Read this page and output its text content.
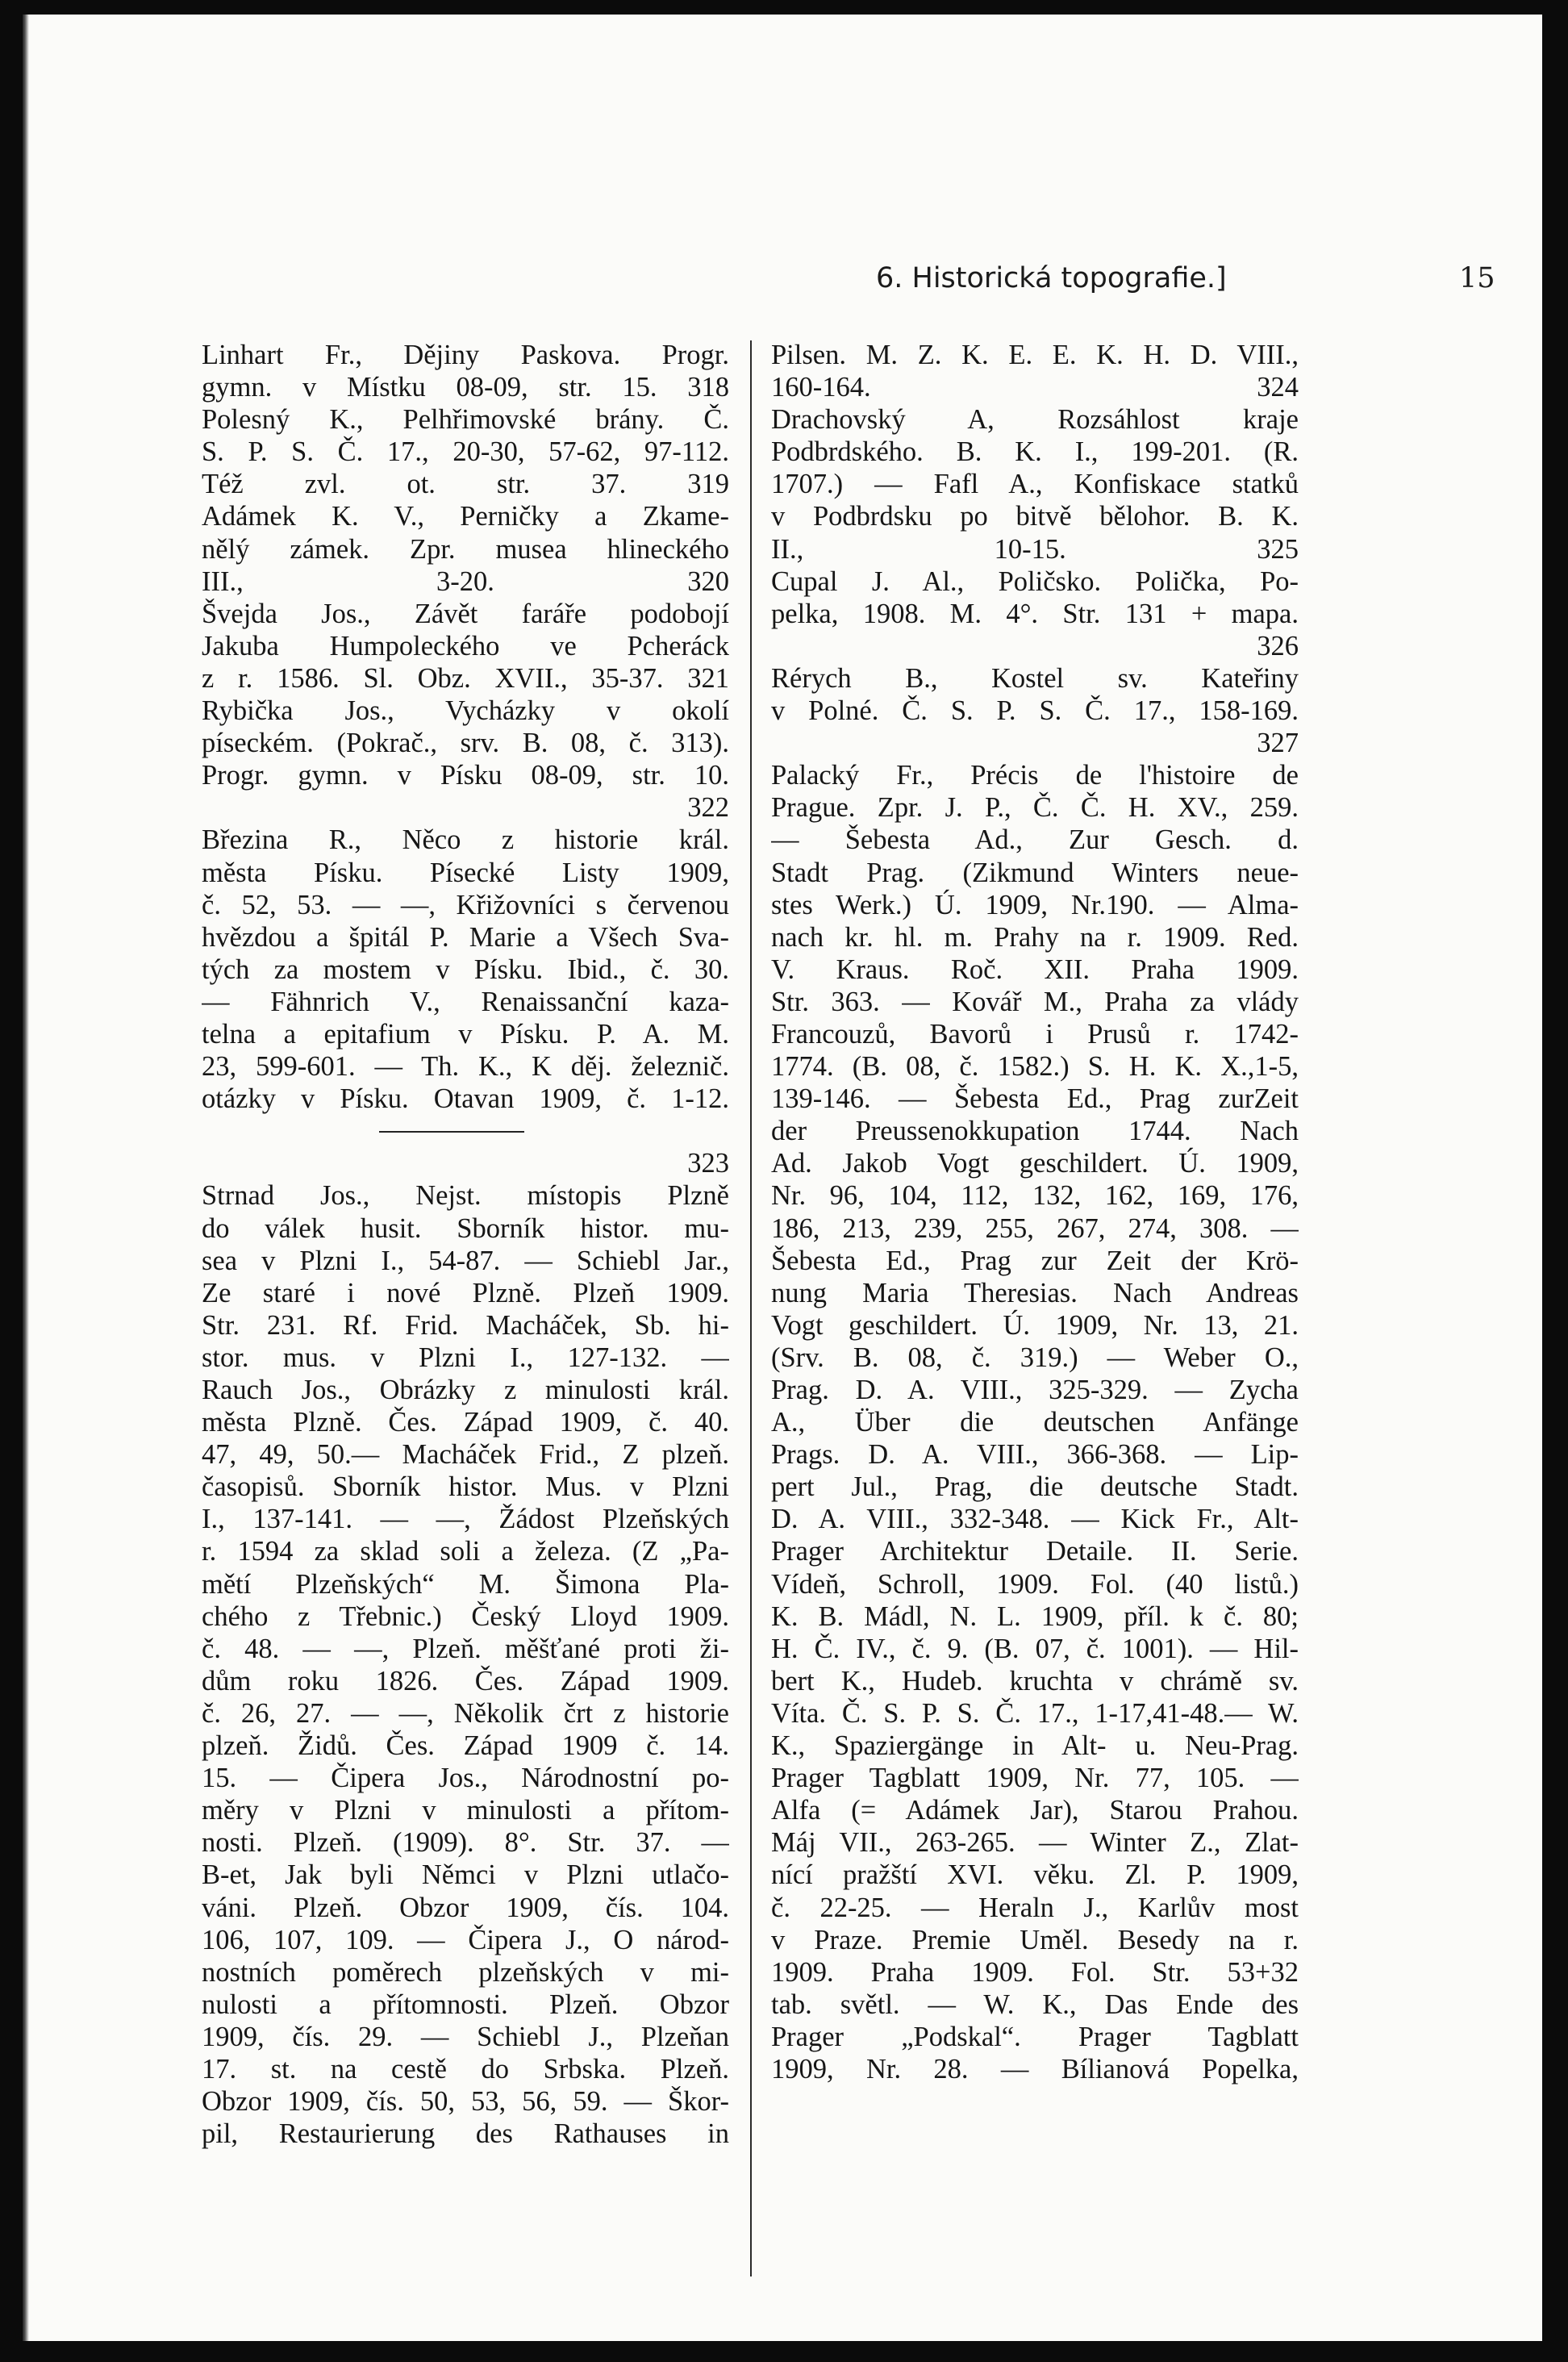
6. Historická topografie.]	15
Linhart Fr., Dějiny Paskova. Progr.
gymn. v Místku 08-09, str. 15. 318
Polesný K., Pelhřimovské brány. Č.
S. P. S. Č. 17., 20-30, 57-62, 97-112.
Též zvl. ot. str. 37. 319
Adámek K. V., Perničky a Zkame-
nělý zámek. Zpr. musea hlineckého
III., 3-20. 320
Švejda Jos., Závět faráře podobojí
Jakuba Humpoleckého ve Pcheráck
z r. 1586. Sl. Obz. XVII., 35-37. 321
Rybička Jos., Vycházky v okolí
píseckém. (Pokrač., srv. B. 08, č. 313).
Progr. gymn. v Písku 08-09, str. 10.
322
Březina R., Něco z historie král.
města Písku. Písecké Listy 1909,
č. 52, 53. — —, Křižovníci s červenou
hvězdou a špitál P. Marie a Všech Sva-
tých za mostem v Písku. Ibid., č. 30.
— Fähnrich V., Renaissanční kaza-
telna a epitafium v Písku. P. A. M.
23, 599-601. — Th. K., K děj. železnič.
otázky v Písku. Otavan 1909, č. 1-12.
323
Strnad Jos., Nejst. místopis Plzně
do válek husit. Sborník histor. mu-
sea v Plzni I., 54-87. — Schiebl Jar.,
Ze staré i nové Plzně. Plzeň 1909.
Str. 231. Rf. Frid. Macháček, Sb. hi-
stor. mus. v Plzni I., 127-132. —
Rauch Jos., Obrázky z minulosti král.
města Plzně. Čes. Západ 1909, č. 40.
47, 49, 50.— Macháček Frid., Z plzeň.
časopisů. Sborník histor. Mus. v Plzni
I., 137-141. — —, Žádost Plzeňských
r. 1594 za sklad soli a železa. (Z „Pa-
mětí Plzeňských“ M. Šimona Pla-
chého z Třebnic.) Český Lloyd 1909.
č. 48. — —, Plzeň. měšťané proti ži-
dům roku 1826. Čes. Západ 1909.
č. 26, 27. — —, Několik črt z historie
plzeň. Židů. Čes. Západ 1909 č. 14.
15. — Čipera Jos., Národnostní po-
měry v Plzni v minulosti a přítom-
nosti. Plzeň. (1909). 8°. Str. 37. —
B-et, Jak byli Němci v Plzni utlačo-
váni. Plzeň. Obzor 1909, čís. 104.
106, 107, 109. — Čipera J., O národ-
nostních poměrech plzeňských v mi-
nulosti a přítomnosti. Plzeň. Obzor
1909, čís. 29. — Schiebl J., Plzeňan
17. st. na cestě do Srbska. Plzeň.
Obzor 1909, čís. 50, 53, 56, 59. — Škor-
pil, Restaurierung des Rathauses in
Pilsen. M. Z. K. E. E. K. H. D. VIII.,
160-164. 324
Drachovský A, Rozsáhlost kraje
Podbrdského. B. K. I., 199-201. (R.
1707.) — Fafl A., Konfiskace statků
v Podbrdsku po bitvě bělohor. B. K.
II., 10-15. 325
Cupal J. Al., Poličsko. Polička, Po-
pelka, 1908. M. 4°. Str. 131 + mapa.
326
Rérych B., Kostel sv. Kateřiny
v Polné. Č. S. P. S. Č. 17., 158-169.
327
Palacký Fr., Précis de l'histoire de
Prague. Zpr. J. P., Č. Č. H. XV., 259.
— Šebesta Ad., Zur Gesch. d.
Stadt Prag. (Zikmund Winters neue-
stes Werk.) Ú. 1909, Nr.190. — Alma-
nach kr. hl. m. Prahy na r. 1909. Red.
V. Kraus. Roč. XII. Praha 1909.
Str. 363. — Kovář M., Praha za vlády
Francouzů, Bavorů i Prusů r. 1742-
1774. (B. 08, č. 1582.) S. H. K. X.,1-5,
139-146. — Šebesta Ed., Prag zurZeit
der Preussenokkupation 1744. Nach
Ad. Jakob Vogt geschildert. Ú. 1909,
Nr. 96, 104, 112, 132, 162, 169, 176,
186, 213, 239, 255, 267, 274, 308. —
Šebesta Ed., Prag zur Zeit der Krö-
nung Maria Theresias. Nach Andreas
Vogt geschildert. Ú. 1909, Nr. 13, 21.
(Srv. B. 08, č. 319.) — Weber O.,
Prag. D. A. VIII., 325-329. — Zycha
A., Über die deutschen Anfänge
Prags. D. A. VIII., 366-368. — Lip-
pert Jul., Prag, die deutsche Stadt.
D. A. VIII., 332-348. — Kick Fr., Alt-
Prager Architektur Detaile. II. Serie.
Vídeň, Schroll, 1909. Fol. (40 listů.)
K. B. Mádl, N. L. 1909, příl. k č. 80;
H. Č. IV., č. 9. (B. 07, č. 1001). — Hil-
bert K., Hudeb. kruchta v chrámě sv.
Víta. Č. S. P. S. Č. 17., 1-17,41-48.— W.
K., Spaziergänge in Alt- u. Neu-Prag.
Prager Tagblatt 1909, Nr. 77, 105. —
Alfa (= Adámek Jar), Starou Prahou.
Máj VII., 263-265. — Winter Z., Zlat-
nící pražští XVI. věku. Zl. P. 1909,
č. 22-25. — Heraln J., Karlův most
v Praze. Premie Uměl. Besedy na r.
1909. Praha 1909. Fol. Str. 53+32
tab. světl. — W. K., Das Ende des
Prager „Podskal“. Prager Tagblatt
1909, Nr. 28. — Bílianová Popelka,
